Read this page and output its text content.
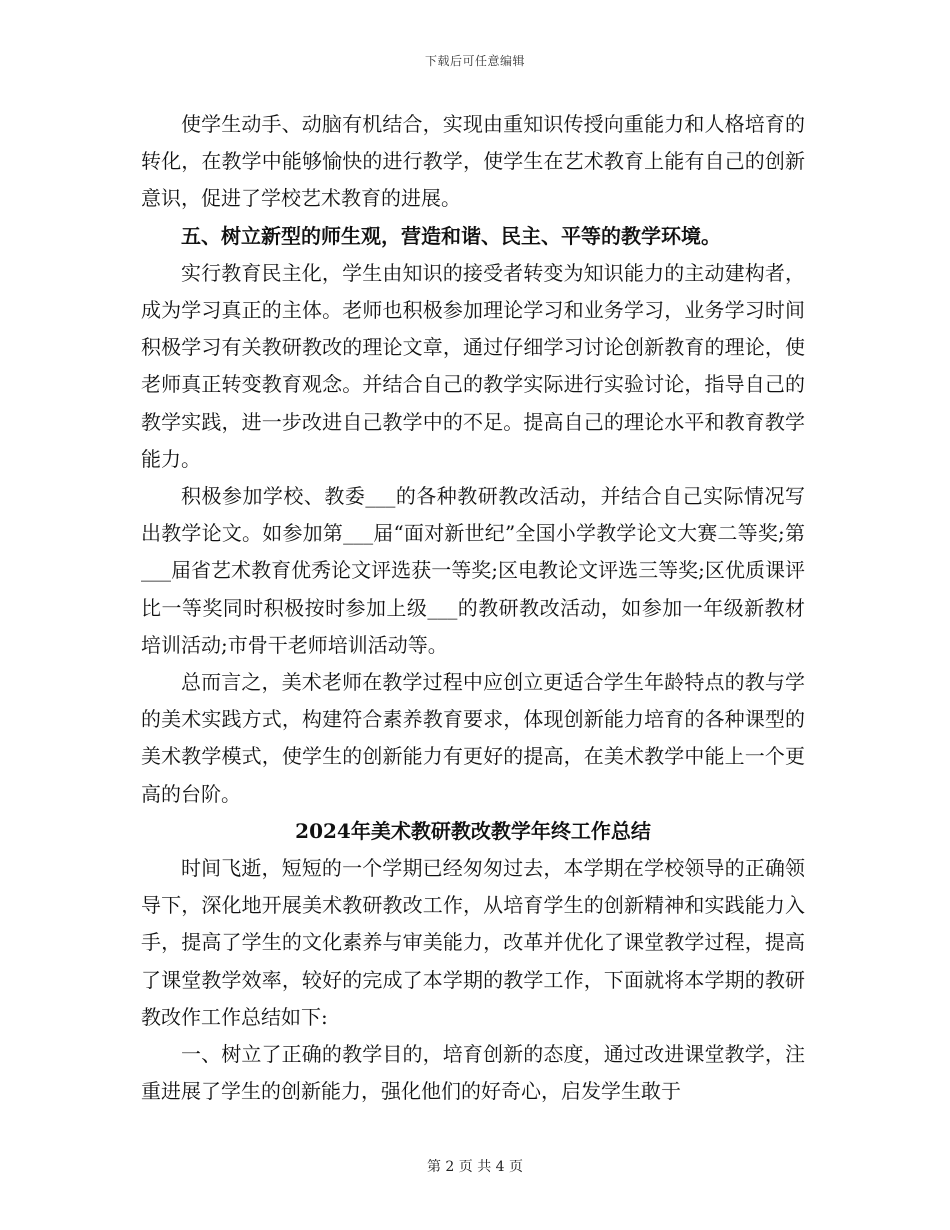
下载后可任意编辑

使学生动手、动脑有机结合，实现由重知识传授向重能力和人格培育的转化，在教学中能够愉快的进行教学，使学生在艺术教育上能有自己的创新意识，促进了学校艺术教育的进展。

五、树立新型的师生观，营造和谐、民主、平等的教学环境。

实行教育民主化，学生由知识的接受者转变为知识能力的主动建构者，成为学习真正的主体。老师也积极参加理论学习和业务学习，业务学习时间积极学习有关教研教改的理论文章，通过仔细学习讨论创新教育的理论，使老师真正转变教育观念。并结合自己的教学实际进行实验讨论，指导自己的教学实践，进一步改进自己教学中的不足。提高自己的理论水平和教育教学能力。

积极参加学校、教委___的各种教研教改活动，并结合自己实际情况写出教学论文。如参加第___届“面对新世纪”全国小学教学论文大赛二等奖;第___届省艺术教育优秀论文评选获一等奖;区电教论文评选三等奖;区优质课评比一等奖同时积极按时参加上级___的教研教改活动，如参加一年级新教材培训活动;市骨干老师培训活动等。

总而言之，美术老师在教学过程中应创立更适合学生年龄特点的教与学的美术实践方式，构建符合素养教育要求，体现创新能力培育的各种课型的美术教学模式，使学生的创新能力有更好的提高，在美术教学中能上一个更高的台阶。

2024年美术教研教改教学年终工作总结

时间飞逝，短短的一个学期已经匆匆过去，本学期在学校领导的正确领导下，深化地开展美术教研教改工作，从培育学生的创新精神和实践能力入手，提高了学生的文化素养与审美能力，改革并优化了课堂教学过程，提高了课堂教学效率，较好的完成了本学期的教学工作，下面就将本学期的教研教改作工作总结如下:

一、树立了正确的教学目的，培育创新的态度，通过改进课堂教学，注重进展了学生的创新能力，强化他们的好奇心，启发学生敢于

第 2 页 共 4 页
